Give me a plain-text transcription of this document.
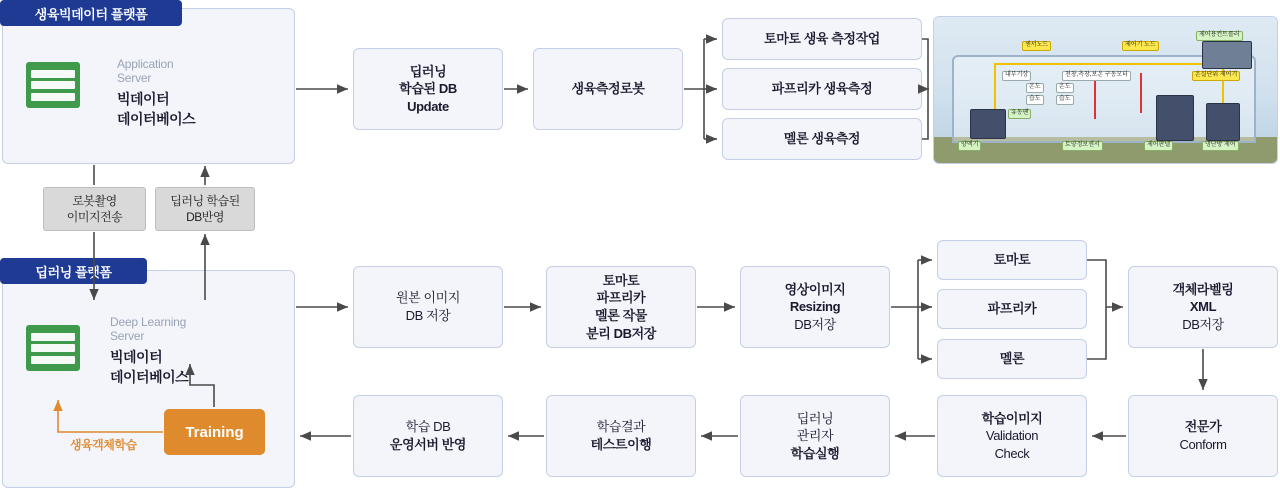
생육빅데이터 플랫폼
Application
Server
빅데이터
데이터베이스
로봇촬영
이미지전송
딥러닝 학습된
DB반영
딥러닝 플랫폼
Deep Learning
Server
빅데이터
데이터베이스
Training
생육객체학습
딥러닝
학습된 DB
Update
생육측정로봇
토마토 생육 측정작업
파프리카 생육측정
멜론 생육측정
센서노드	제어기 노드
제어용컨트롤러
온실단위 제어기
내부기상	천창,측창,보온 구동모터
온도
습도
온도
습도
유동팬
냉난방 제어
제어판넬
토양정보센서
양액기
원본 이미지
DB 저장
토마토
파프리카
멜론 작물
분리 DB저장
영상이미지
Resizing
DB저장
토마토
파프리카
멜론
객체라벨링
XML
DB저장
전문가
Conform
학습이미지
Validation
Check
딥러닝
관리자
학습실행
학습결과
테스트이행
학습 DB
운영서버 반영
